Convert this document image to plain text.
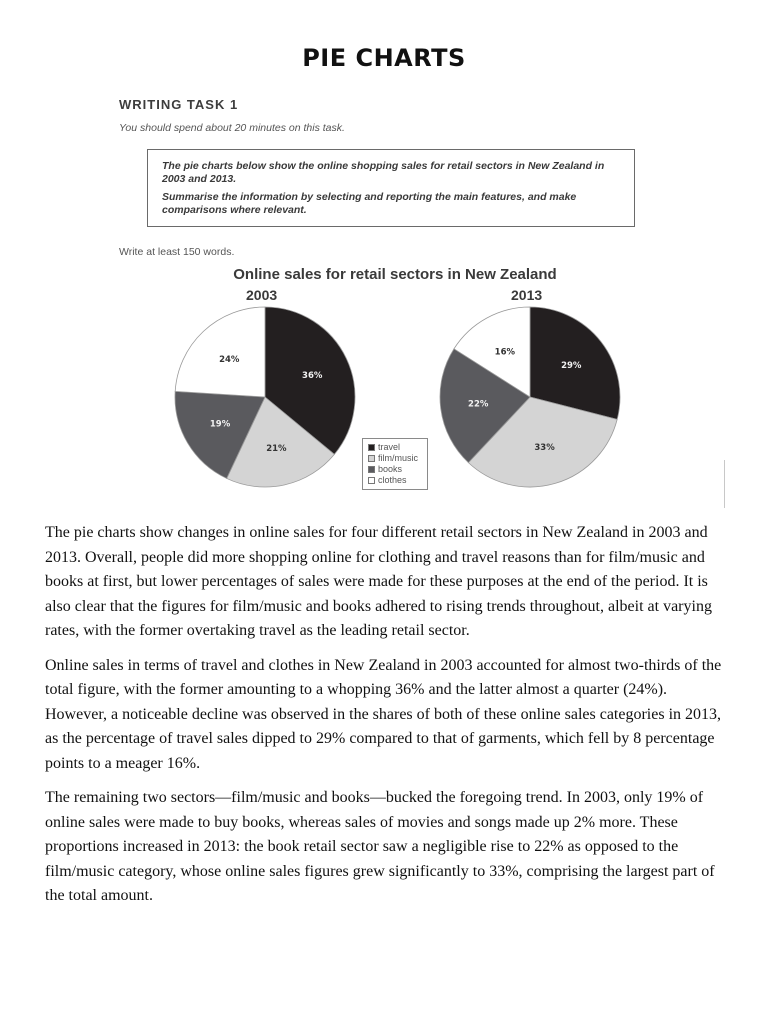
PIE CHARTS
WRITING TASK 1
You should spend about 20 minutes on this task.

The pie charts below show the online shopping sales for retail sectors in New Zealand in 2003 and 2013.

Summarise the information by selecting and reporting the main features, and make comparisons where relevant.

Write at least 150 words.
Online sales for retail sectors in New Zealand
2003	2013
36%
21%
19%
24%
29%
33%
22%
16%
travel
film/music
books
clothes

The pie charts show changes in online sales for four different retail sectors in New Zealand in 2003 and 2013. Overall, people did more shopping online for clothing and travel reasons than for film/music and books at first, but lower percentages of sales were made for these purposes at the end of the period. It is also clear that the figures for film/music and books adhered to rising trends throughout, albeit at varying rates, with the former overtaking travel as the leading retail sector.

Online sales in terms of travel and clothes in New Zealand in 2003 accounted for almost two-thirds of the total figure, with the former amounting to a whopping 36% and the latter almost a quarter (24%). However, a noticeable decline was observed in the shares of both of these online sales categories in 2013, as the percentage of travel sales dipped to 29% compared to that of garments, which fell by 8 percentage points to a meager 16%.

The remaining two sectors—film/music and books—bucked the foregoing trend. In 2003, only 19% of online sales were made to buy books, whereas sales of movies and songs made up 2% more. These proportions increased in 2013: the book retail sector saw a negligible rise to 22% as opposed to the film/music category, whose online sales figures grew significantly to 33%, comprising the largest part of the total amount.
